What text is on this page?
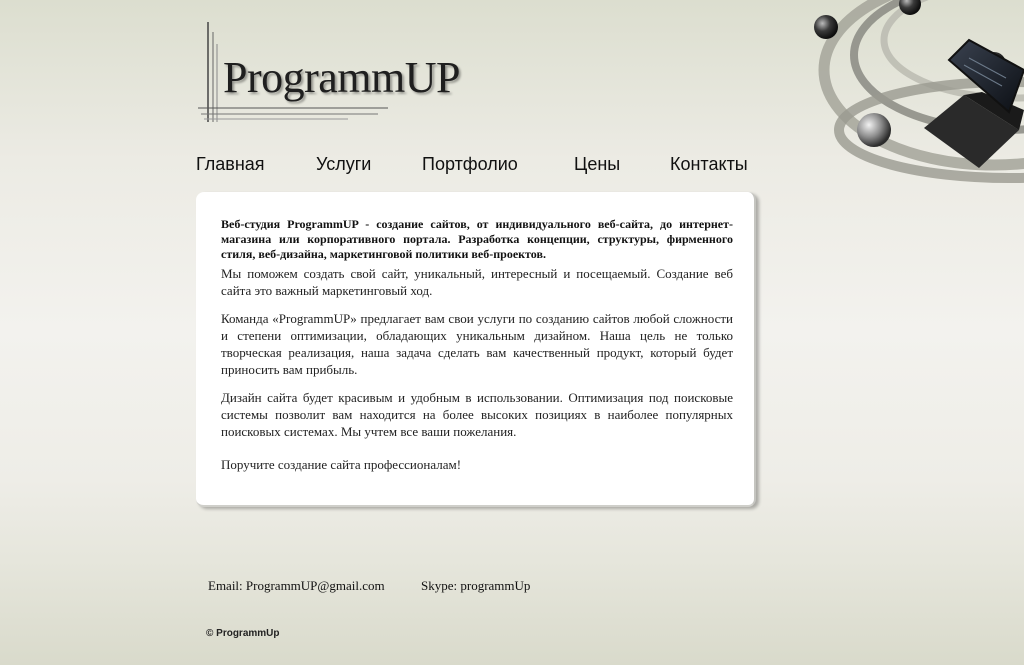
ProgrammUP
Главная	Услуги	Портфолио	Цены	Контакты

Веб-студия ProgrammUP - создание сайтов, от индивидуального веб-сайта, до интернет-магазина или корпоративного портала. Разработка концепции, структуры, фирменного стиля, веб-дизайна, маркетинговой политики веб-проектов.

Мы поможем создать свой сайт, уникальный, интересный и посещаемый. Создание веб сайта это важный маркетинговый ход.

Команда «ProgrammUP» предлагает вам свои услуги по созданию сайтов любой сложности и степени оптимизации, обладающих уникальным дизайном. Наша цель не только творческая реализация, наша задача сделать вам качественный продукт, который будет приносить вам прибыль.

Дизайн сайта будет красивым и удобным в использовании. Оптимизация под поисковые системы позволит вам находится на более высоких позициях в наиболее популярных поисковых системах. Мы учтем все ваши пожелания.

Поручите создание сайта профессионалам!

Email: ProgrammUP@gmail.com	Skype: programmUp
© ProgrammUp
